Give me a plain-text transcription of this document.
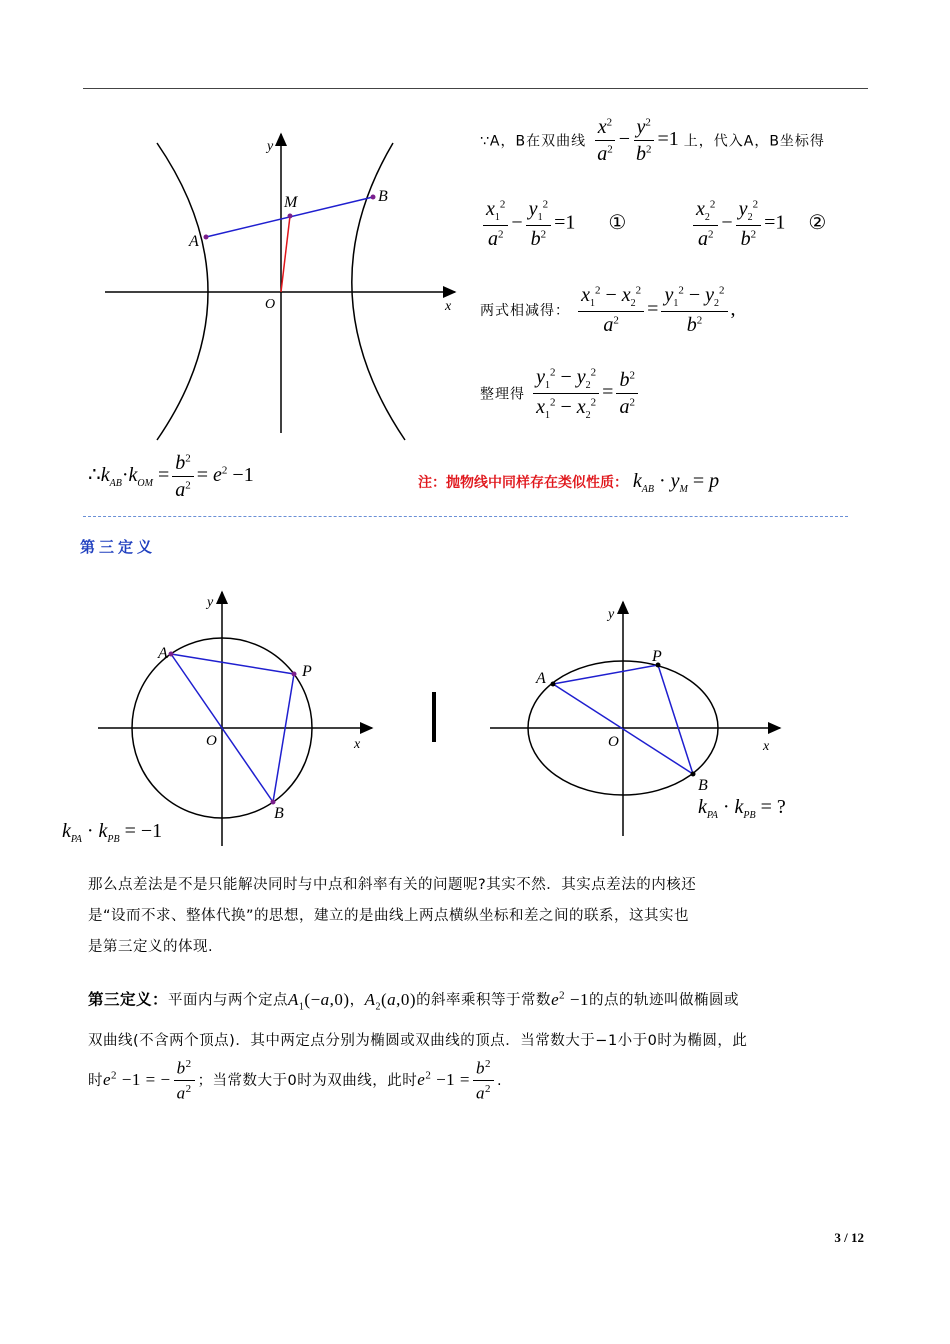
y
x
O
A
B
M
∵A，B在双曲线 $\frac{x^2}{a^2} - \frac{y^2}{b^2} =1$ 上，代入A，B坐标得
$\frac{x_1^2}{a^2} - \frac{y_1^2}{b^2} =1$ ①	$\frac{x_2^2}{a^2} - \frac{y_2^2}{b^2} =1$ ②
两式相减得： $\frac{x_1^2 - x_2^2}{a^2} = \frac{y_1^2 - y_2^2}{b^2}$ ,
整理得 $\frac{y_1^2 - y_2^2}{x_1^2 - x_2^2} = \frac{b^2}{a^2}$
$\therefore k_{AB}\cdot k_{OM} = \frac{b^2}{a^2} = e^2 -1$	注：抛物线中同样存在类似性质： $k_{AB} \cdot y_M = p$
第三定义
y
x
O
A
P
B
$k_{PA} \cdot k_{PB} = -1$
y
x
O
A
P
B
$k_{PA} \cdot k_{PB}$ = ?
那么点差法是不是只能解决同时与中点和斜率有关的问题呢?其实不然．其实点差法的内核还
是“设而不求、整体代换”的思想，建立的是曲线上两点横纵坐标和差之间的联系，这其实也
是第三定义的体现.
第三定义：平面内与两个定点$A_1(-a,0)$，$A_2(a,0)$的斜率乘积等于常数$e^2 -1$的点的轨迹叫做椭圆或
双曲线(不含两个顶点)．其中两定点分别为椭圆或双曲线的顶点．当常数大于−1小于0时为椭圆，此
时$e^2 -1$ = − $\frac{b^2}{a^2}$ ；当常数大于0时为双曲线，此时$e^2 -1 = \frac{b^2}{a^2}$ .
3 / 12
